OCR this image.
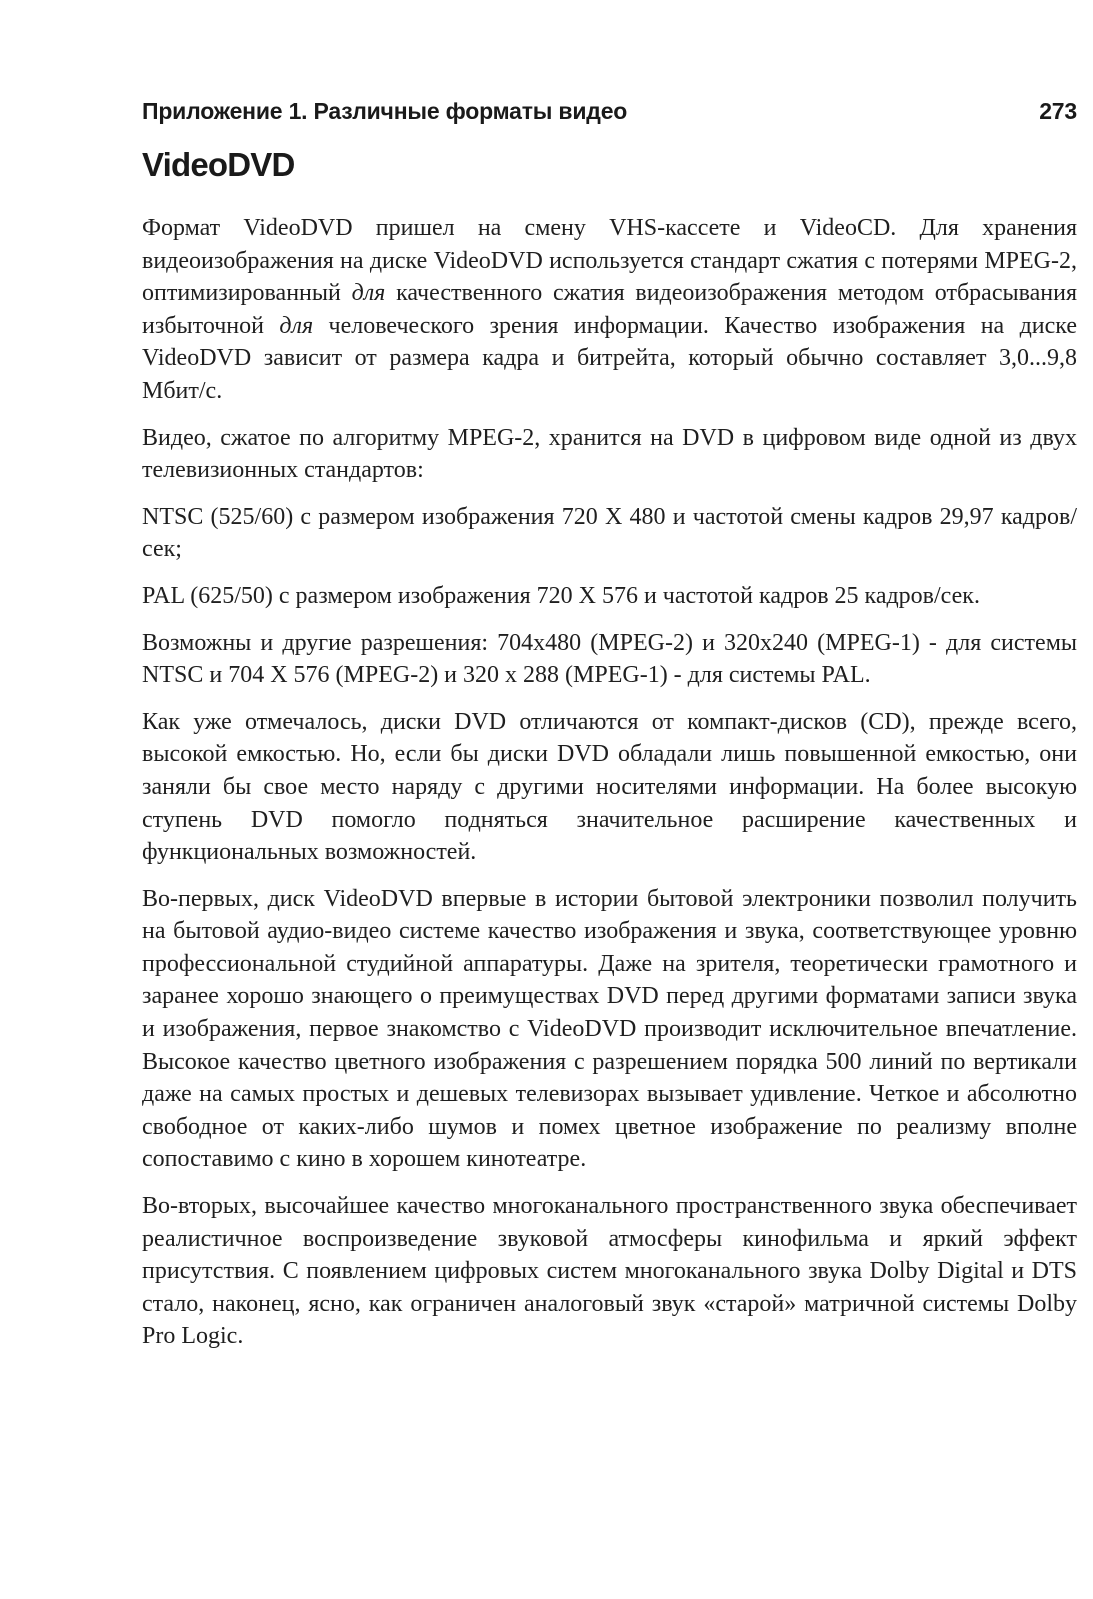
Приложение 1. Различные форматы видео	273
VideoDVD

Формат VideoDVD пришел на смену VHS-кассете и VideoCD. Для хранения видеоизображения на диске VideoDVD используется стандарт сжатия с потерями MPEG-2, оптимизированный для качественного сжатия видеоизображения методом отбрасывания избыточной для человеческого зрения информации. Качество изображения на диске VideoDVD зависит от размера кадра и битрейта, который обычно составляет 3,0...9,8 Мбит/с.

Видео, сжатое по алгоритму MPEG-2, хранится на DVD в цифровом виде одной из двух телевизионных стандартов:

NTSC (525/60) с размером изображения 720 X 480 и частотой смены кадров 29,97 кадров/сек;

PAL (625/50) с размером изображения 720 X 576 и частотой кадров 25 кадров/сек.

Возможны и другие разрешения: 704x480 (MPEG-2) и 320x240 (MPEG-1) - для системы NTSC и 704 X 576 (MPEG-2) и 320 x 288 (MPEG-1) - для системы PAL.

Как уже отмечалось, диски DVD отличаются от компакт-дисков (CD), прежде всего, высокой емкостью. Но, если бы диски DVD обладали лишь повышенной емкостью, они заняли бы свое место наряду с другими носителями информации. На более высокую ступень DVD помогло подняться значительное расширение качественных и функциональных возможностей.

Во-первых, диск VideoDVD впервые в истории бытовой электроники позволил получить на бытовой аудио-видео системе качество изображения и звука, соответствующее уровню профессиональной студийной аппаратуры. Даже на зрителя, теоретически грамотного и заранее хорошо знающего о преимуществах DVD перед другими форматами записи звука и изображения, первое знакомство с VideoDVD производит исключительное впечатление. Высокое качество цветного изображения с разрешением порядка 500 линий по вертикали даже на самых простых и дешевых телевизорах вызывает удивление. Четкое и абсолютно свободное от каких-либо шумов и помех цветное изображение по реализму вполне сопоставимо с кино в хорошем кинотеатре.

Во-вторых, высочайшее качество многоканального пространственного звука обеспечивает реалистичное воспроизведение звуковой атмосферы кинофильма и яркий эффект присутствия. С появлением цифровых систем многоканального звука Dolby Digital и DTS стало, наконец, ясно, как ограничен аналоговый звук «старой» матричной системы Dolby Pro Logic.
